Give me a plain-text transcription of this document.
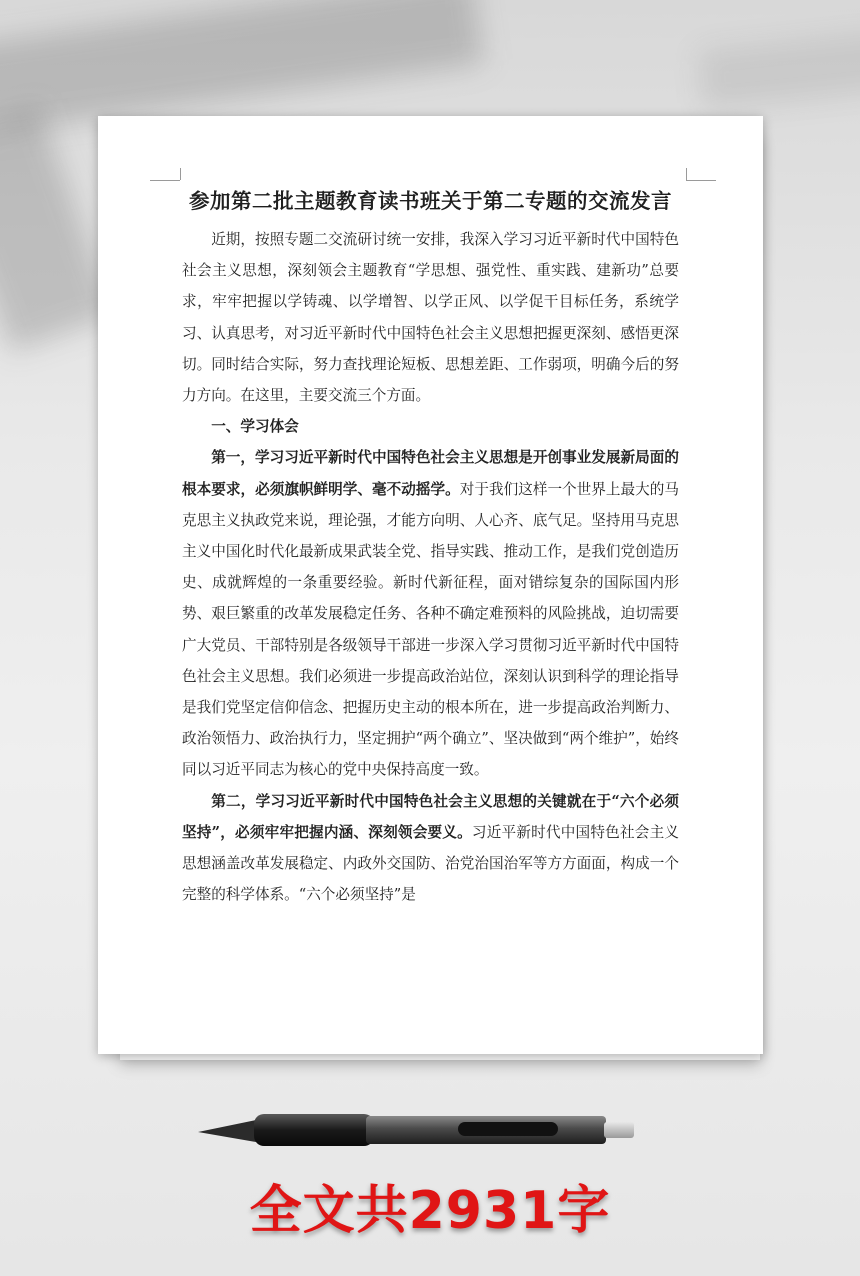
参加第二批主题教育读书班关于第二专题的交流发言

近期，按照专题二交流研讨统一安排，我深入学习习近平新时代中国特色社会主义思想，深刻领会主题教育“学思想、强党性、重实践、建新功”总要求，牢牢把握以学铸魂、以学增智、以学正风、以学促干目标任务，系统学习、认真思考，对习近平新时代中国特色社会主义思想把握更深刻、感悟更深切。同时结合实际，努力查找理论短板、思想差距、工作弱项，明确今后的努力方向。在这里，主要交流三个方面。

一、学习体会

第一，学习习近平新时代中国特色社会主义思想是开创事业发展新局面的根本要求，必须旗帜鲜明学、毫不动摇学。对于我们这样一个世界上最大的马克思主义执政党来说，理论强，才能方向明、人心齐、底气足。坚持用马克思主义中国化时代化最新成果武装全党、指导实践、推动工作，是我们党创造历史、成就辉煌的一条重要经验。新时代新征程，面对错综复杂的国际国内形势、艰巨繁重的改革发展稳定任务、各种不确定难预料的风险挑战，迫切需要广大党员、干部特别是各级领导干部进一步深入学习贯彻习近平新时代中国特色社会主义思想。我们必须进一步提高政治站位，深刻认识到科学的理论指导是我们党坚定信仰信念、把握历史主动的根本所在，进一步提高政治判断力、政治领悟力、政治执行力，坚定拥护“两个确立”、坚决做到“两个维护”，始终同以习近平同志为核心的党中央保持高度一致。

第二，学习习近平新时代中国特色社会主义思想的关键就在于“六个必须坚持”，必须牢牢把握内涵、深刻领会要义。习近平新时代中国特色社会主义思想涵盖改革发展稳定、内政外交国防、治党治国治军等方方面面，构成一个完整的科学体系。“六个必须坚持”是

全文共2931字
